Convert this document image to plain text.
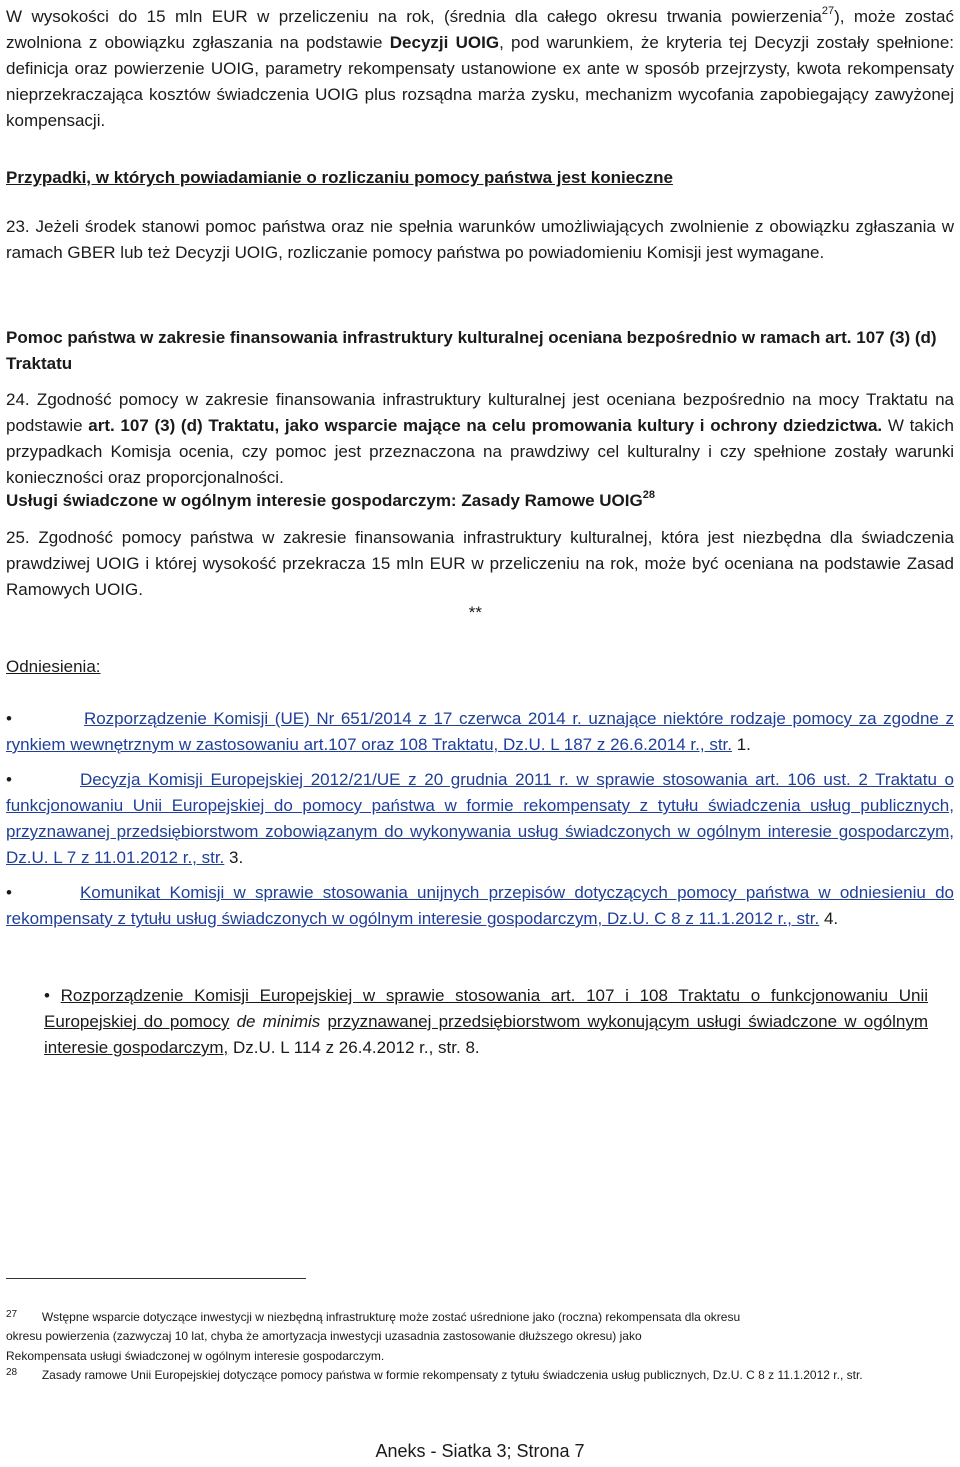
W wysokości do 15 mln EUR w przeliczeniu na rok, (średnia dla całego okresu trwania powierzenia$^{27}$), może zostać zwolniona z obowiązku zgłaszania na podstawie Decyzji UOIG, pod warunkiem, że kryteria tej Decyzji zostały spełnione: definicja oraz powierzenie UOIG, parametry rekompensaty ustanowione ex ante w sposób przejrzysty, kwota rekompensaty nieprzekraczająca kosztów świadczenia UOIG plus rozsądna marża zysku, mechanizm wycofania zapobiegający zawyżonej kompensacji.

Przypadki, w których powiadamianie o rozliczaniu pomocy państwa jest konieczne

23. Jeżeli środek stanowi pomoc państwa oraz nie spełnia warunków umożliwiających zwolnienie z obowiązku zgłaszania w ramach GBER lub też Decyzji UOIG, rozliczanie pomocy państwa po powiadomieniu Komisji jest wymagane.

Pomoc państwa w zakresie finansowania infrastruktury kulturalnej oceniana bezpośrednio w ramach art. 107 (3) (d) Traktatu

24. Zgodność pomocy w zakresie finansowania infrastruktury kulturalnej jest oceniana bezpośrednio na mocy Traktatu na podstawie art. 107 (3) (d) Traktatu, jako wsparcie mające na celu promowania kultury i ochrony dziedzictwa. W takich przypadkach Komisja ocenia, czy pomoc jest przeznaczona na prawdziwy cel kulturalny i czy spełnione zostały warunki konieczności oraz proporcjonalności.

Usługi świadczone w ogólnym interesie gospodarczym: Zasady Ramowe UOIG$^{28}$

25. Zgodność pomocy państwa w zakresie finansowania infrastruktury kulturalnej, która jest niezbędna dla świadczenia prawdziwej UOIG i której wysokość przekracza 15 mln EUR w przeliczeniu na rok, może być oceniana na podstawie Zasad Ramowych UOIG.

**
Odniesienia:

•	Rozporządzenie Komisji (UE) Nr 651/2014 z 17 czerwca 2014 r. uznające niektóre rodzaje pomocy za zgodne z rynkiem wewnętrznym w zastosowaniu art.107 oraz 108 Traktatu, Dz.U. L 187 z 26.6.2014 r., str. 1.

•	Decyzja Komisji Europejskiej 2012/21/UE z 20 grudnia 2011 r. w sprawie stosowania art. 106 ust. 2 Traktatu o funkcjonowaniu Unii Europejskiej do pomocy państwa w formie rekompensaty z tytułu świadczenia usług publicznych, przyznawanej przedsiębiorstwom zobowiązanym do wykonywania usług świadczonych w ogólnym interesie gospodarczym, Dz.U. L 7 z 11.01.2012 r., str. 3.

•	Komunikat Komisji w sprawie stosowania unijnych przepisów dotyczących pomocy państwa w odniesieniu do rekompensaty z tytułu usług świadczonych w ogólnym interesie gospodarczym, Dz.U. C 8 z 11.1.2012 r., str. 4.

• Rozporządzenie Komisji Europejskiej w sprawie stosowania art. 107 i 108 Traktatu o funkcjonowaniu Unii Europejskiej do pomocy de minimis przyznawanej przedsiębiorstwom wykonującym usługi świadczone w ogólnym interesie gospodarczym, Dz.U. L 114 z 26.4.2012 r., str. 8.

$^{27}$ Wstępne wsparcie dotyczące inwestycji w niezbędną infrastrukturę może zostać uśrednione jako (roczna) rekompensata dla okresu
okresu powierzenia (zazwyczaj 10 lat, chyba że amortyzacja inwestycji uzasadnia zastosowanie dłuższego okresu) jako
Rekompensata usługi świadczonej w ogólnym interesie gospodarczym.
$^{28}$ Zasady ramowe Unii Europejskiej dotyczące pomocy państwa w formie rekompensaty z tytułu świadczenia usług publicznych, Dz.U. C 8 z 11.1.2012 r., str.
Aneks - Siatka 3; Strona 7
